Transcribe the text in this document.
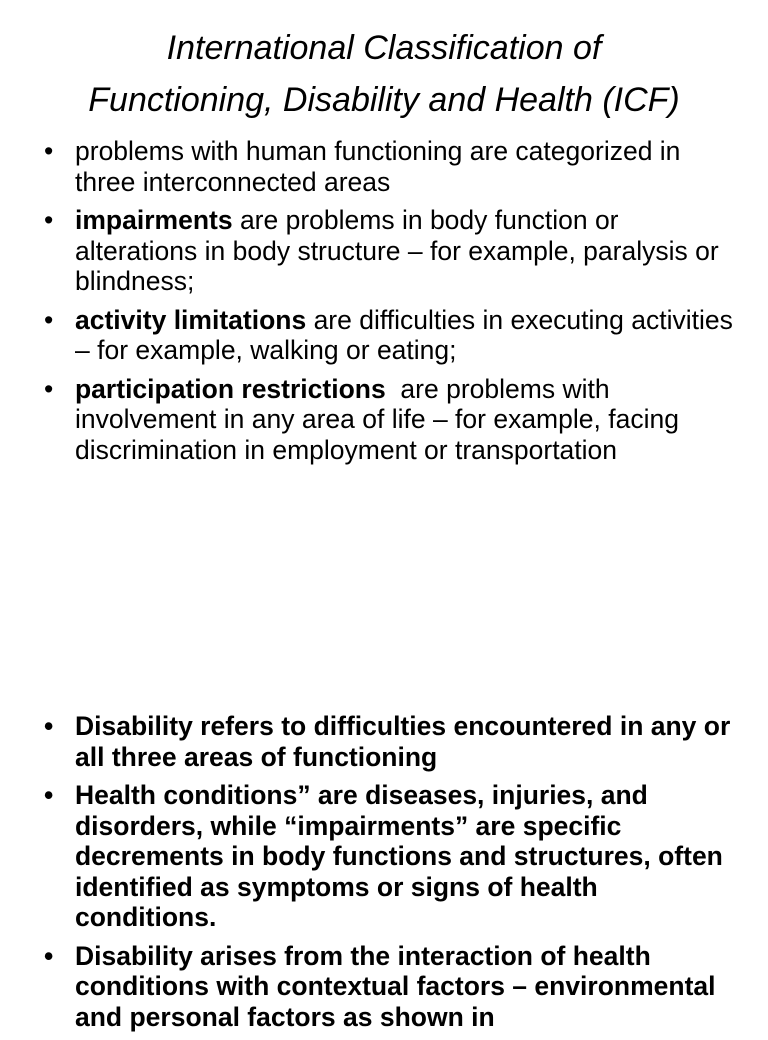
International Classification of
Functioning, Disability and Health (ICF)
• problems with human functioning are categorized in three interconnected areas
• impairments are problems in body function or alterations in body structure – for example, paralysis or blindness;
• activity limitations are difficulties in executing activities – for example, walking or eating;
• participation restrictions  are problems with involvement in any area of life – for example, facing discrimination in employment or transportation
• Disability refers to difficulties encountered in any or all three areas of functioning
• Health conditions” are diseases, injuries, and disorders, while “impairments” are specific decrements in body functions and structures, often identified as symptoms or signs of health conditions.
• Disability arises from the interaction of health conditions with contextual factors – environmental and personal factors as shown in
